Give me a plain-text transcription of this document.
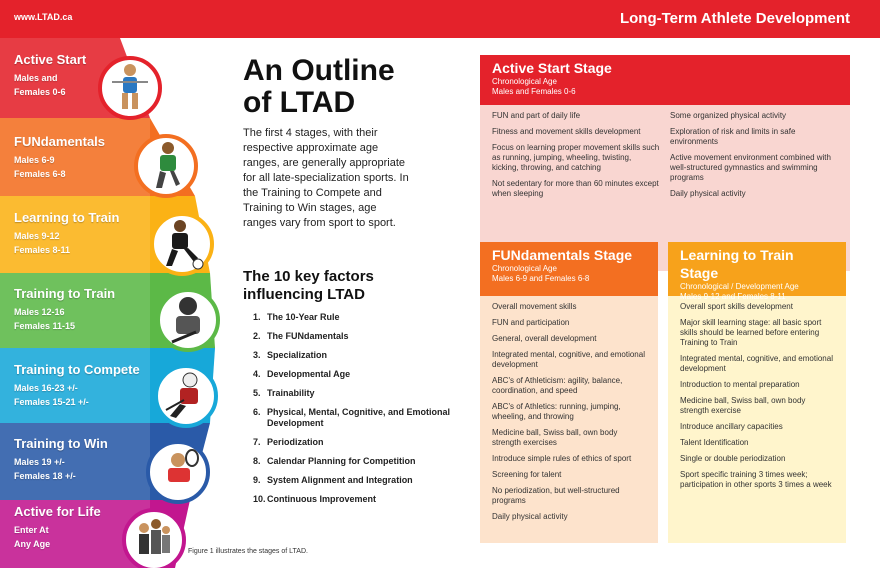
www.LTAD.ca	Long-Term Athlete Development
Active Start
Males and
Females 0-6
FUNdamentals
Males 6-9
Females 6-8
Learning to Train
Males 9-12
Females 8-11
Training to Train
Males 12-16
Females 11-15
Training to Compete
Males 16-23 +/-
Females 15-21 +/-
Training to Win
Males 19 +/-
Females 18 +/-
Active for Life
Enter At
Any Age
An Outline
of LTAD

The first 4 stages, with their respective approximate age ranges, are generally appropriate for all late-specialization sports. In the Training to Compete and Training to Win stages, age ranges vary from sport to sport.

The 10 key factors
influencing LTAD
1. The 10-Year Rule
2. The FUNdamentals
3. Specialization
4. Developmental Age
5. Trainability
6. Physical, Mental, Cognitive, and Emotional Development
7. Periodization
8. Calendar Planning for Competition
9. System Alignment and Integration
10. Continuous Improvement
Figure 1 illustrates the stages of LTAD.
Active Start Stage
Chronological Age
Males and Females 0-6
FUN and part of daily life
Fitness and movement skills development
Focus on learning proper movement skills such as running, jumping, wheeling, twisting, kicking, throwing, and catching
Not sedentary for more than 60 minutes except when sleeping
Some organized physical activity
Exploration of risk and limits in safe environments
Active movement environment combined with well-structured gymnastics and swimming programs
Daily physical activity
FUNdamentals Stage
Chronological Age
Males 6-9 and Females 6-8
Overall movement skills
FUN and participation
General, overall development
Integrated mental, cognitive, and emotional development
ABC's of Athleticism: agility, balance, coordination, and speed
ABC's of Athletics: running, jumping, wheeling, and throwing
Medicine ball, Swiss ball, own body strength exercises
Introduce simple rules of ethics of sport
Screening for talent
No periodization, but well-structured programs
Daily physical activity
Learning to Train Stage
Chronological / Development Age
Males 9-12 and Females 8-11
Overall sport skills development
Major skill learning stage: all basic sport skills should be learned before entering Training to Train
Integrated mental, cognitive, and emotional development
Introduction to mental preparation
Medicine ball, Swiss ball, own body strength exercise
Introduce ancillary capacities
Talent Identification
Single or double periodization
Sport specific training 3 times week; participation in other sports 3 times a week
